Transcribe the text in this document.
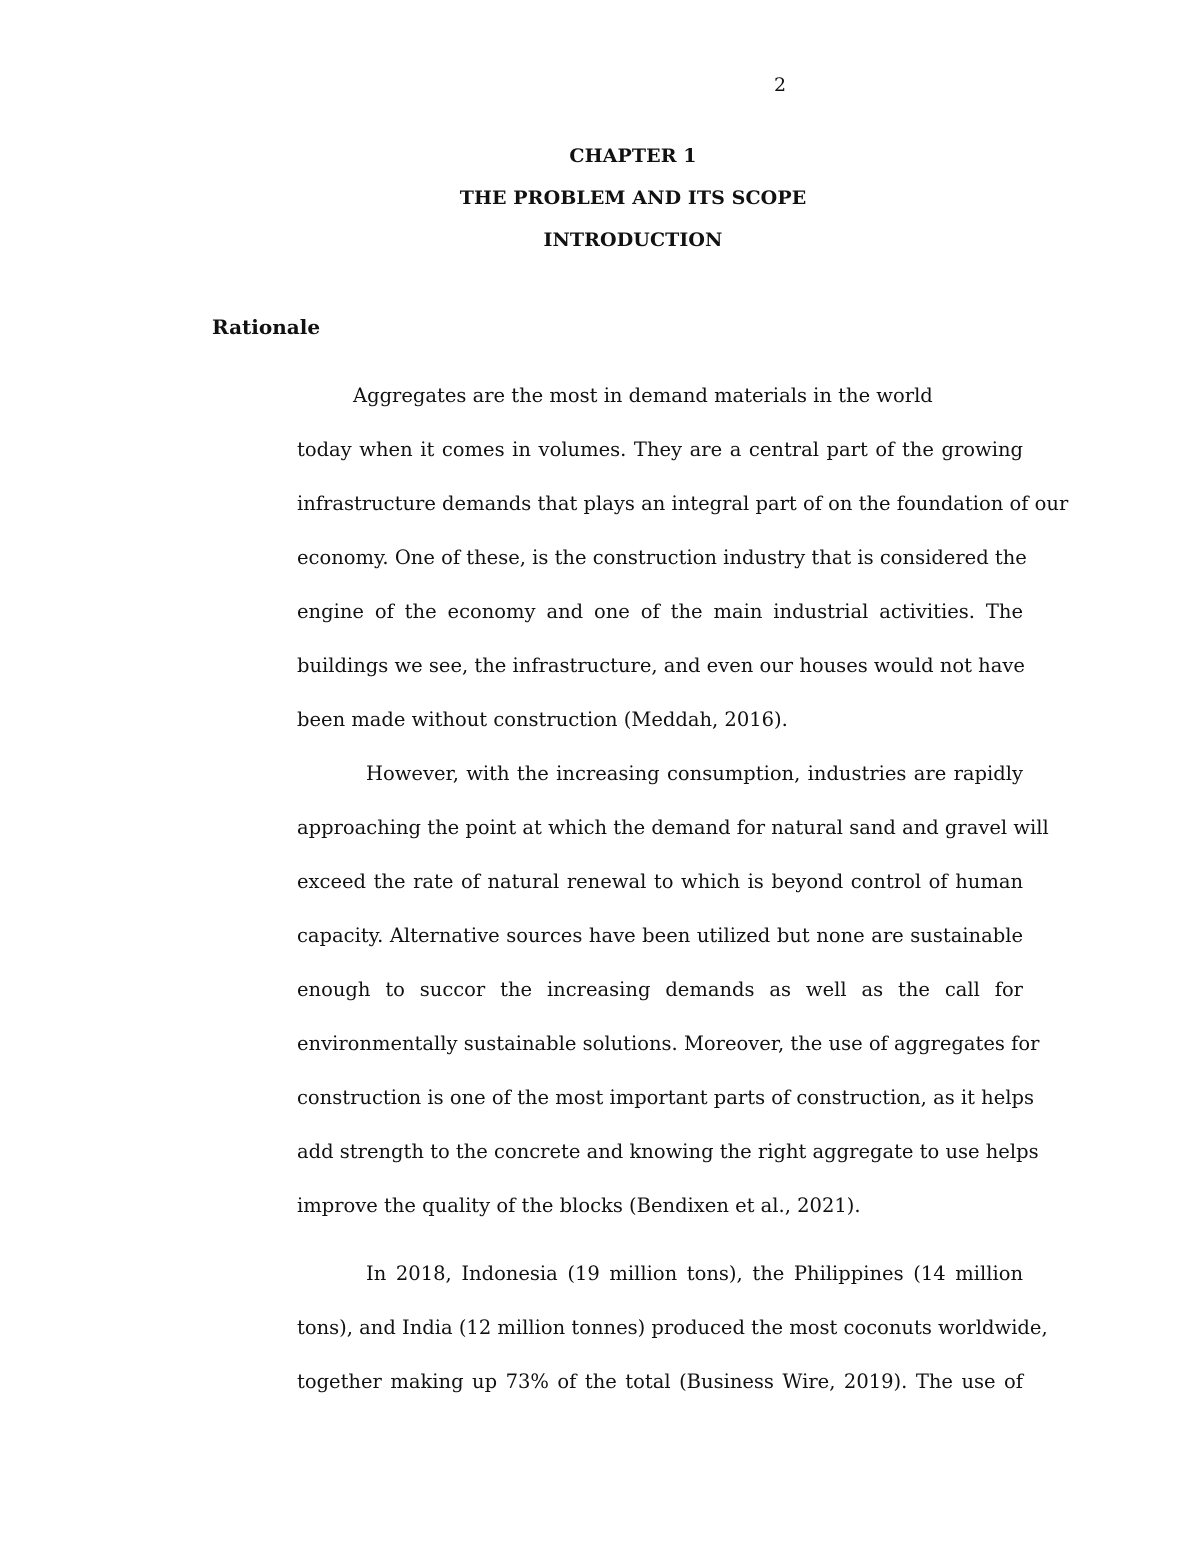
2
CHAPTER 1
THE PROBLEM AND ITS SCOPE
INTRODUCTION
Rationale
Aggregates are the most in demand materials in the world
today when it comes in volumes. They are a central part of the growing
infrastructure demands that plays an integral part of on the foundation of our
economy. One of these, is the construction industry that is considered the
engine of the economy and one of the main industrial activities. The
buildings we see, the infrastructure, and even our houses would not have
been made without construction (Meddah, 2016).
However, with the increasing consumption, industries are rapidly
approaching the point at which the demand for natural sand and gravel will
exceed the rate of natural renewal to which is beyond control of human
capacity. Alternative sources have been utilized but none are sustainable
enough to succor the increasing demands as well as the call for
environmentally sustainable solutions. Moreover, the use of aggregates for
construction is one of the most important parts of construction, as it helps
add strength to the concrete and knowing the right aggregate to use helps
improve the quality of the blocks (Bendixen et al., 2021).
In 2018, Indonesia (19 million tons), the Philippines (14 million
tons), and India (12 million tonnes) produced the most coconuts worldwide,
together making up 73% of the total (Business Wire, 2019). The use of
